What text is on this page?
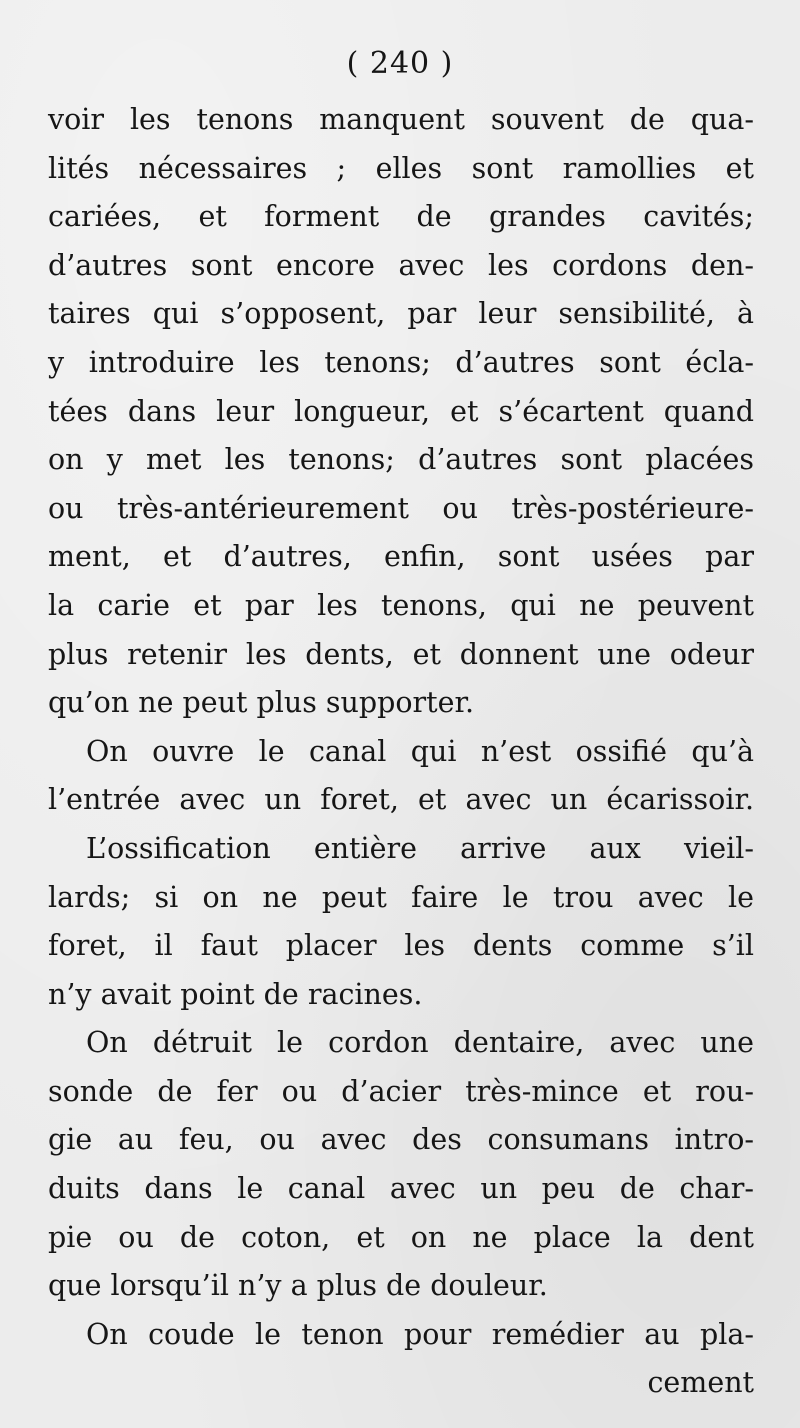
( 240 )
voir les tenons manquent souvent de qua-
lités nécessaires ; elles sont ramollies et
cariées, et forment de grandes cavités;
d’autres sont encore avec les cordons den-
taires qui s’opposent, par leur sensibilité, à
y introduire les tenons; d’autres sont écla-
tées dans leur longueur, et s’écartent quand
on y met les tenons; d’autres sont placées
ou très-antérieurement ou très-postérieure-
ment, et d’autres, enfin, sont usées par
la carie et par les tenons, qui ne peuvent
plus retenir les dents, et donnent une odeur
qu’on ne peut plus supporter.
On ouvre le canal qui n’est ossifié qu’à
l’entrée avec un foret, et avec un écarissoir.
L’ossification entière arrive aux vieil-
lards; si on ne peut faire le trou avec le
foret, il faut placer les dents comme s’il
n’y avait point de racines.
On détruit le cordon dentaire, avec une
sonde de fer ou d’acier très-mince et rou-
gie au feu, ou avec des consumans intro-
duits dans le canal avec un peu de char-
pie ou de coton, et on ne place la dent
que lorsqu’il n’y a plus de douleur.
On coude le tenon pour remédier au pla-
cement
